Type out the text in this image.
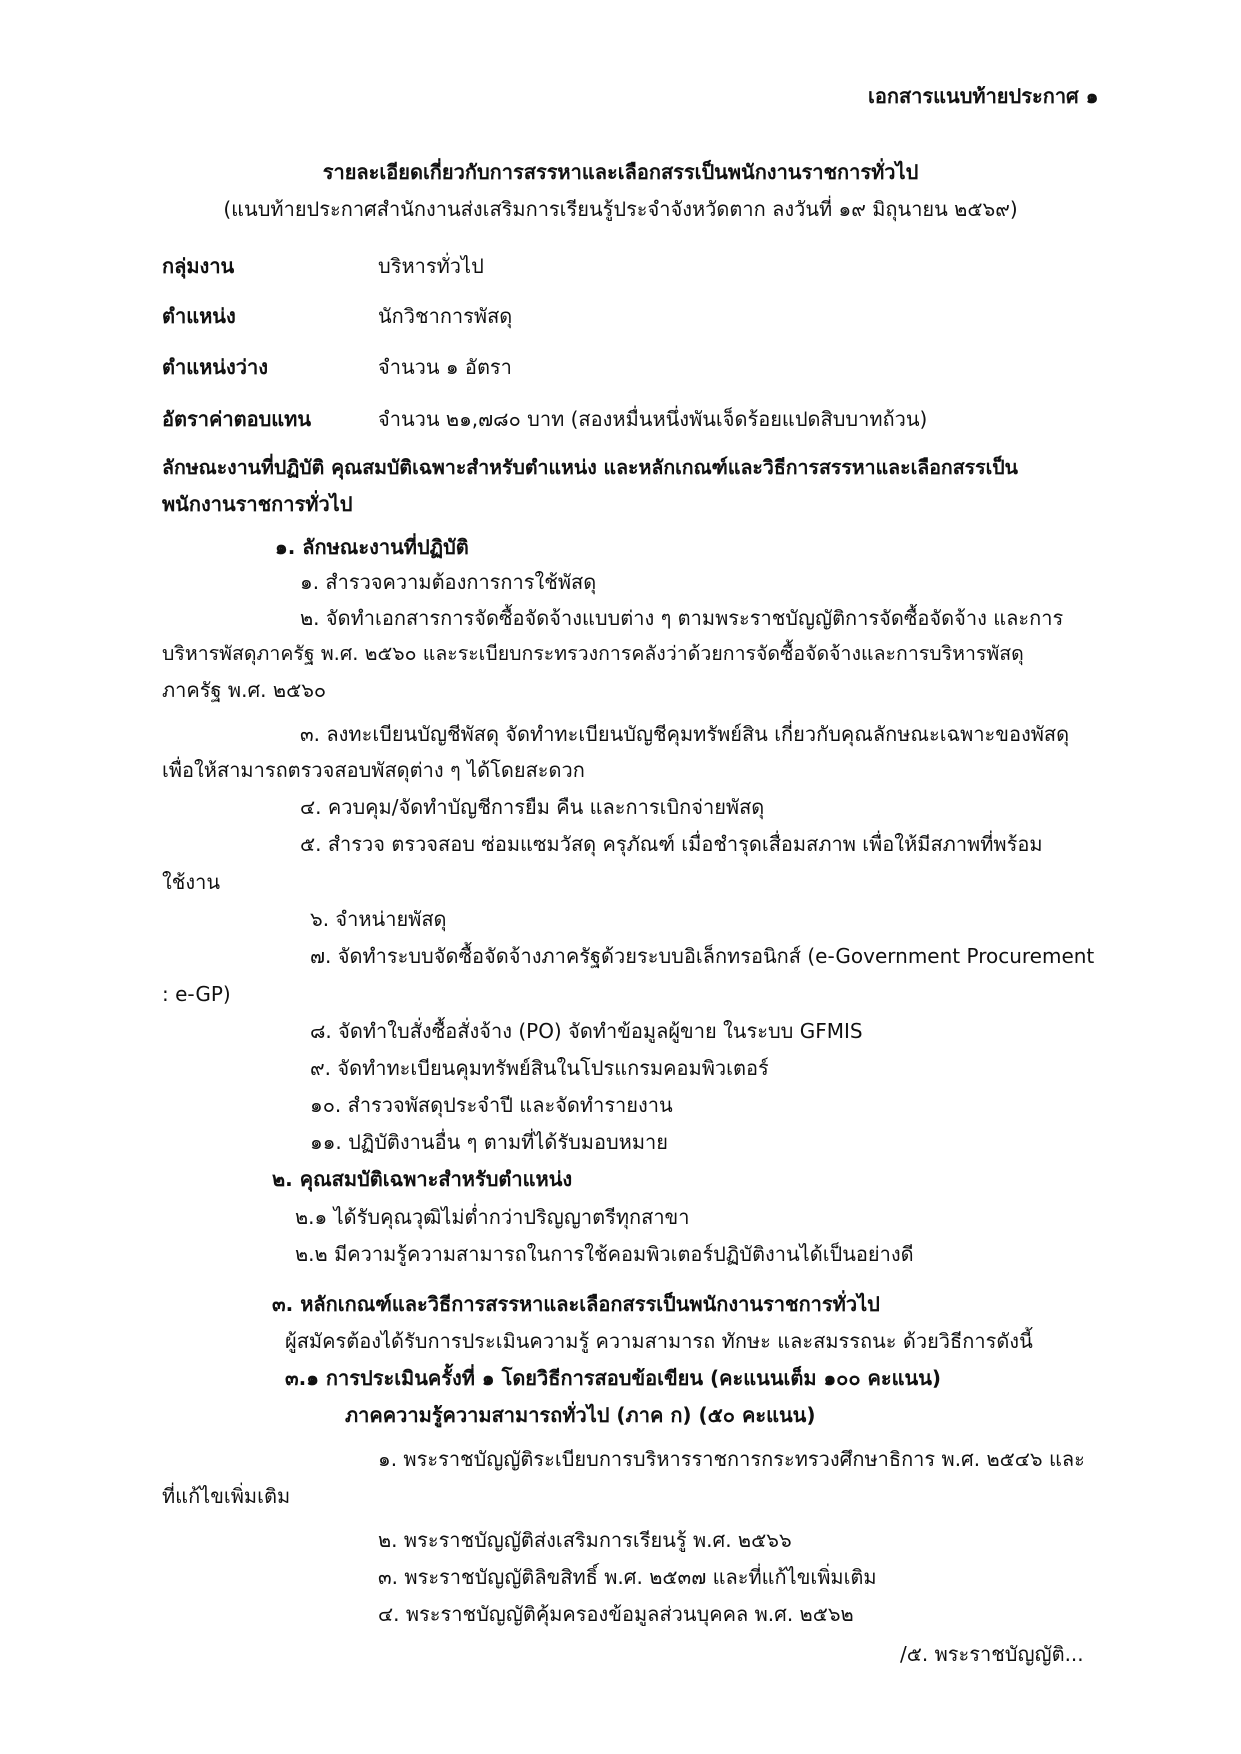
เอกสารแนบท้ายประกาศ ๑
รายละเอียดเกี่ยวกับการสรรหาและเลือกสรรเป็นพนักงานราชการทั่วไป
(แนบท้ายประกาศสำนักงานส่งเสริมการเรียนรู้ประจำจังหวัดตาก ลงวันที่ ๑๙ มิถุนายน ๒๕๖๙)
กลุ่มงาน	บริหารทั่วไป
ตำแหน่ง	นักวิชาการพัสดุ
ตำแหน่งว่าง	จำนวน ๑ อัตรา
อัตราค่าตอบแทน	จำนวน ๒๑,๗๘๐ บาท (สองหมื่นหนึ่งพันเจ็ดร้อยแปดสิบบาทถ้วน)
ลักษณะงานที่ปฏิบัติ คุณสมบัติเฉพาะสำหรับตำแหน่ง และหลักเกณฑ์และวิธีการสรรหาและเลือกสรรเป็น
พนักงานราชการทั่วไป
๑. ลักษณะงานที่ปฏิบัติ
๑. สำรวจความต้องการการใช้พัสดุ
๒. จัดทำเอกสารการจัดซื้อจัดจ้างแบบต่าง ๆ ตามพระราชบัญญัติการจัดซื้อจัดจ้าง และการ
บริหารพัสดุภาครัฐ พ.ศ. ๒๕๖๐ และระเบียบกระทรวงการคลังว่าด้วยการจัดซื้อจัดจ้างและการบริหารพัสดุ
ภาครัฐ พ.ศ. ๒๕๖๐
๓. ลงทะเบียนบัญชีพัสดุ จัดทำทะเบียนบัญชีคุมทรัพย์สิน เกี่ยวกับคุณลักษณะเฉพาะของพัสดุ
เพื่อให้สามารถตรวจสอบพัสดุต่าง ๆ ได้โดยสะดวก
๔. ควบคุม/จัดทำบัญชีการยืม คืน และการเบิกจ่ายพัสดุ
๕. สำรวจ ตรวจสอบ ซ่อมแซมวัสดุ ครุภัณฑ์ เมื่อชำรุดเสื่อมสภาพ เพื่อให้มีสภาพที่พร้อม
ใช้งาน
๖. จำหน่ายพัสดุ
๗. จัดทำระบบจัดซื้อจัดจ้างภาครัฐด้วยระบบอิเล็กทรอนิกส์ (e-Government Procurement
: e-GP)
๘. จัดทำใบสั่งซื้อสั่งจ้าง (PO) จัดทำข้อมูลผู้ขาย ในระบบ GFMIS
๙. จัดทำทะเบียนคุมทรัพย์สินในโปรแกรมคอมพิวเตอร์
๑๐. สำรวจพัสดุประจำปี และจัดทำรายงาน
๑๑. ปฏิบัติงานอื่น ๆ ตามที่ได้รับมอบหมาย
๒. คุณสมบัติเฉพาะสำหรับตำแหน่ง
๒.๑ ได้รับคุณวุฒิไม่ต่ำกว่าปริญญาตรีทุกสาขา
๒.๒ มีความรู้ความสามารถในการใช้คอมพิวเตอร์ปฏิบัติงานได้เป็นอย่างดี
๓. หลักเกณฑ์และวิธีการสรรหาและเลือกสรรเป็นพนักงานราชการทั่วไป
ผู้สมัครต้องได้รับการประเมินความรู้ ความสามารถ ทักษะ และสมรรถนะ ด้วยวิธีการดังนี้
๓.๑ การประเมินครั้งที่ ๑ โดยวิธีการสอบข้อเขียน (คะแนนเต็ม ๑๐๐ คะแนน)
ภาคความรู้ความสามารถทั่วไป (ภาค ก) (๕๐ คะแนน)
๑. พระราชบัญญัติระเบียบการบริหารราชการกระทรวงศึกษาธิการ พ.ศ. ๒๕๔๖ และ
ที่แก้ไขเพิ่มเติม
๒. พระราชบัญญัติส่งเสริมการเรียนรู้ พ.ศ. ๒๕๖๖
๓. พระราชบัญญัติลิขสิทธิ์ พ.ศ. ๒๕๓๗ และที่แก้ไขเพิ่มเติม
๔. พระราชบัญญัติคุ้มครองข้อมูลส่วนบุคคล พ.ศ. ๒๕๖๒
/๕. พระราชบัญญัติ...
